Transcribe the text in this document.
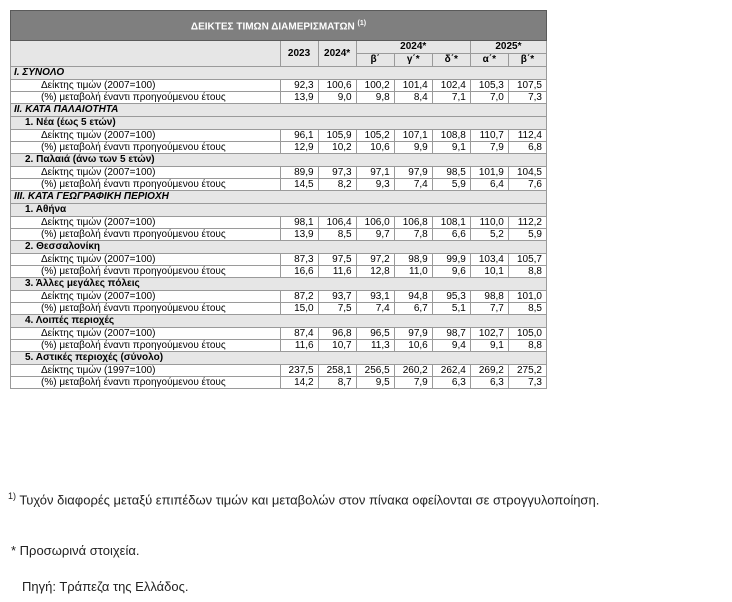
ΔΕΙΚΤΕΣ ΤΙΜΩΝ ΔΙΑΜΕΡΙΣΜΑΤΩΝ $^{(1)}$
	2023	2024*	2024*			2025*	
			β΄	γ΄*	δ΄*	α΄*	β΄*
I. ΣΥΝΟΛΟ							
Δείκτης τιμών (2007=100)	92,3	100,6	100,2	101,4	102,4	105,3	107,5
(%) μεταβολή έναντι προηγούμενου έτους	13,9	9,0	9,8	8,4	7,1	7,0	7,3
II. ΚΑΤΑ ΠΑΛΑΙΟΤΗΤΑ							
1. Νέα (έως 5 ετών)							
Δείκτης τιμών (2007=100)	96,1	105,9	105,2	107,1	108,8	110,7	112,4
(%) μεταβολή έναντι προηγούμενου έτους	12,9	10,2	10,6	9,9	9,1	7,9	6,8
2. Παλαιά (άνω των 5 ετών)							
Δείκτης τιμών (2007=100)	89,9	97,3	97,1	97,9	98,5	101,9	104,5
(%) μεταβολή έναντι προηγούμενου έτους	14,5	8,2	9,3	7,4	5,9	6,4	7,6
III. ΚΑΤΑ ΓΕΩΓΡΑΦΙΚΗ ΠΕΡΙΟΧΗ							
1. Αθήνα							
Δείκτης τιμών (2007=100)	98,1	106,4	106,0	106,8	108,1	110,0	112,2
(%) μεταβολή έναντι προηγούμενου έτους	13,9	8,5	9,7	7,8	6,6	5,2	5,9
2. Θεσσαλονίκη							
Δείκτης τιμών (2007=100)	87,3	97,5	97,2	98,9	99,9	103,4	105,7
(%) μεταβολή έναντι προηγούμενου έτους	16,6	11,6	12,8	11,0	9,6	10,1	8,8
3. Άλλες μεγάλες πόλεις							
Δείκτης τιμών (2007=100)	87,2	93,7	93,1	94,8	95,3	98,8	101,0
(%) μεταβολή έναντι προηγούμενου έτους	15,0	7,5	7,4	6,7	5,1	7,7	8,5
4. Λοιπές περιοχές							
Δείκτης τιμών (2007=100)	87,4	96,8	96,5	97,9	98,7	102,7	105,0
(%) μεταβολή έναντι προηγούμενου έτους	11,6	10,7	11,3	10,6	9,4	9,1	8,8
5. Αστικές περιοχές (σύνολο)							
Δείκτης τιμών (1997=100)	237,5	258,1	256,5	260,2	262,4	269,2	275,2
(%) μεταβολή έναντι προηγούμενου έτους	14,2	8,7	9,5	7,9	6,3	6,3	7,3
$^{1)}$ Τυχόν διαφορές μεταξύ επιπέδων τιμών και μεταβολών στον πίνακα οφείλονται σε στρογγυλοποίηση.
* Προσωρινά στοιχεία.
Πηγή: Τράπεζα της Ελλάδος.
